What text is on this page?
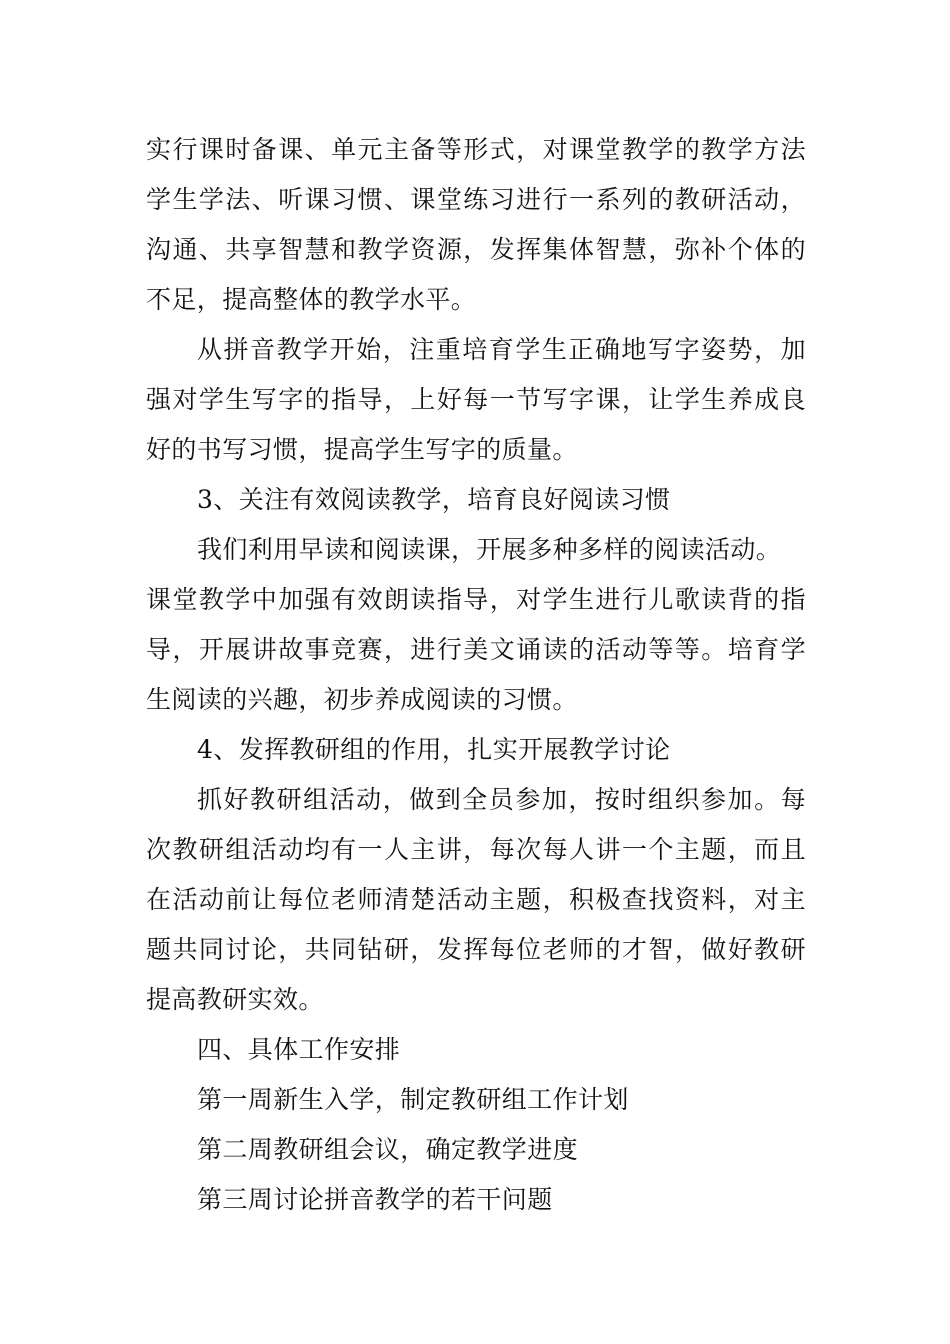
实行课时备课、单元主备等形式，对课堂教学的教学方法
学生学法、听课习惯、课堂练习进行一系列的教研活动，
沟通、共享智慧和教学资源，发挥集体智慧，弥补个体的
不足，提高整体的教学水平。
从拼音教学开始，注重培育学生正确地写字姿势，加
强对学生写字的指导，上好每一节写字课，让学生养成良
好的书写习惯，提高学生写字的质量。
3、关注有效阅读教学，培育良好阅读习惯
我们利用早读和阅读课，开展多种多样的阅读活动。
课堂教学中加强有效朗读指导，对学生进行儿歌读背的指
导，开展讲故事竞赛，进行美文诵读的活动等等。培育学
生阅读的兴趣，初步养成阅读的习惯。
4、发挥教研组的作用，扎实开展教学讨论
抓好教研组活动，做到全员参加，按时组织参加。每
次教研组活动均有一人主讲，每次每人讲一个主题，而且
在活动前让每位老师清楚活动主题，积极查找资料，对主
题共同讨论，共同钻研，发挥每位老师的才智，做好教研
提高教研实效。
四、具体工作安排
第一周新生入学，制定教研组工作计划
第二周教研组会议，确定教学进度
第三周讨论拼音教学的若干问题
